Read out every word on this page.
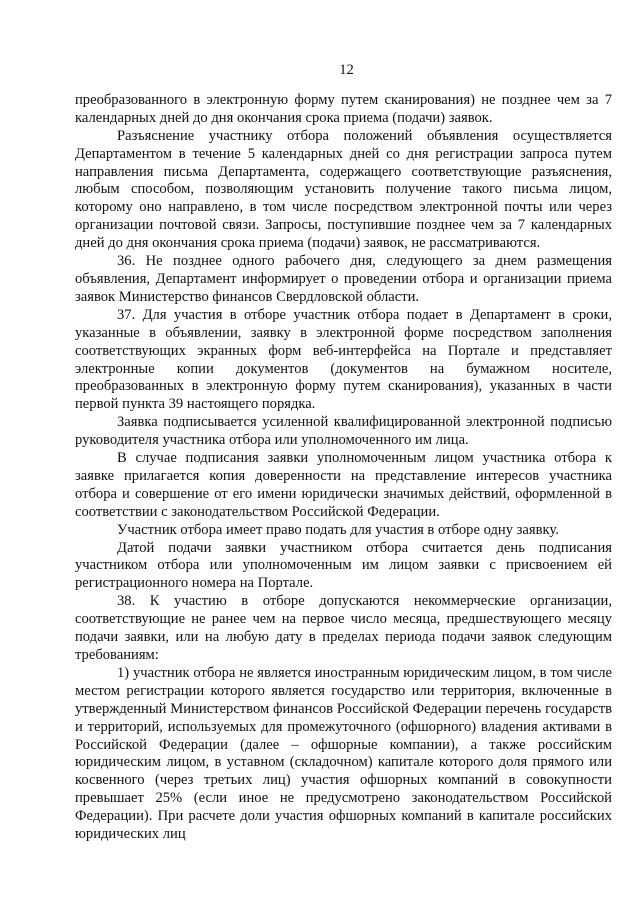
12

преобразованного в электронную форму путем сканирования) не позднее чем за 7 календарных дней до дня окончания срока приема (подачи) заявок.

Разъяснение участнику отбора положений объявления осуществляется Департаментом в течение 5 календарных дней со дня регистрации запроса путем направления письма Департамента, содержащего соответствующие разъяснения, любым способом, позволяющим установить получение такого письма лицом, которому оно направлено, в том числе посредством электронной почты или через организации почтовой связи. Запросы, поступившие позднее чем за 7 календарных дней до дня окончания срока приема (подачи) заявок, не рассматриваются.

36. Не позднее одного рабочего дня, следующего за днем размещения объявления, Департамент информирует о проведении отбора и организации приема заявок Министерство финансов Свердловской области.

37. Для участия в отборе участник отбора подает в Департамент в сроки, указанные в объявлении, заявку в электронной форме посредством заполнения соответствующих экранных форм веб-интерфейса на Портале и представляет электронные копии документов (документов на бумажном носителе, преобразованных в электронную форму путем сканирования), указанных в части первой пункта 39 настоящего порядка.

Заявка подписывается усиленной квалифицированной электронной подписью руководителя участника отбора или уполномоченного им лица.

В случае подписания заявки уполномоченным лицом участника отбора к заявке прилагается копия доверенности на представление интересов участника отбора и совершение от его имени юридически значимых действий, оформленной в соответствии с законодательством Российской Федерации.

Участник отбора имеет право подать для участия в отборе одну заявку.

Датой подачи заявки участником отбора считается день подписания участником отбора или уполномоченным им лицом заявки с присвоением ей регистрационного номера на Портале.

38. К участию в отборе допускаются некоммерческие организации, соответствующие не ранее чем на первое число месяца, предшествующего месяцу подачи заявки, или на любую дату в пределах периода подачи заявок следующим требованиям:

1) участник отбора не является иностранным юридическим лицом, в том числе местом регистрации которого является государство или территория, включенные в утвержденный Министерством финансов Российской Федерации перечень государств и территорий, используемых для промежуточного (офшорного) владения активами в Российской Федерации (далее – офшорные компании), а также российским юридическим лицом, в уставном (складочном) капитале которого доля прямого или косвенного (через третьих лиц) участия офшорных компаний в совокупности превышает 25% (если иное не предусмотрено законодательством Российской Федерации). При расчете доли участия офшорных компаний в капитале российских юридических лиц
